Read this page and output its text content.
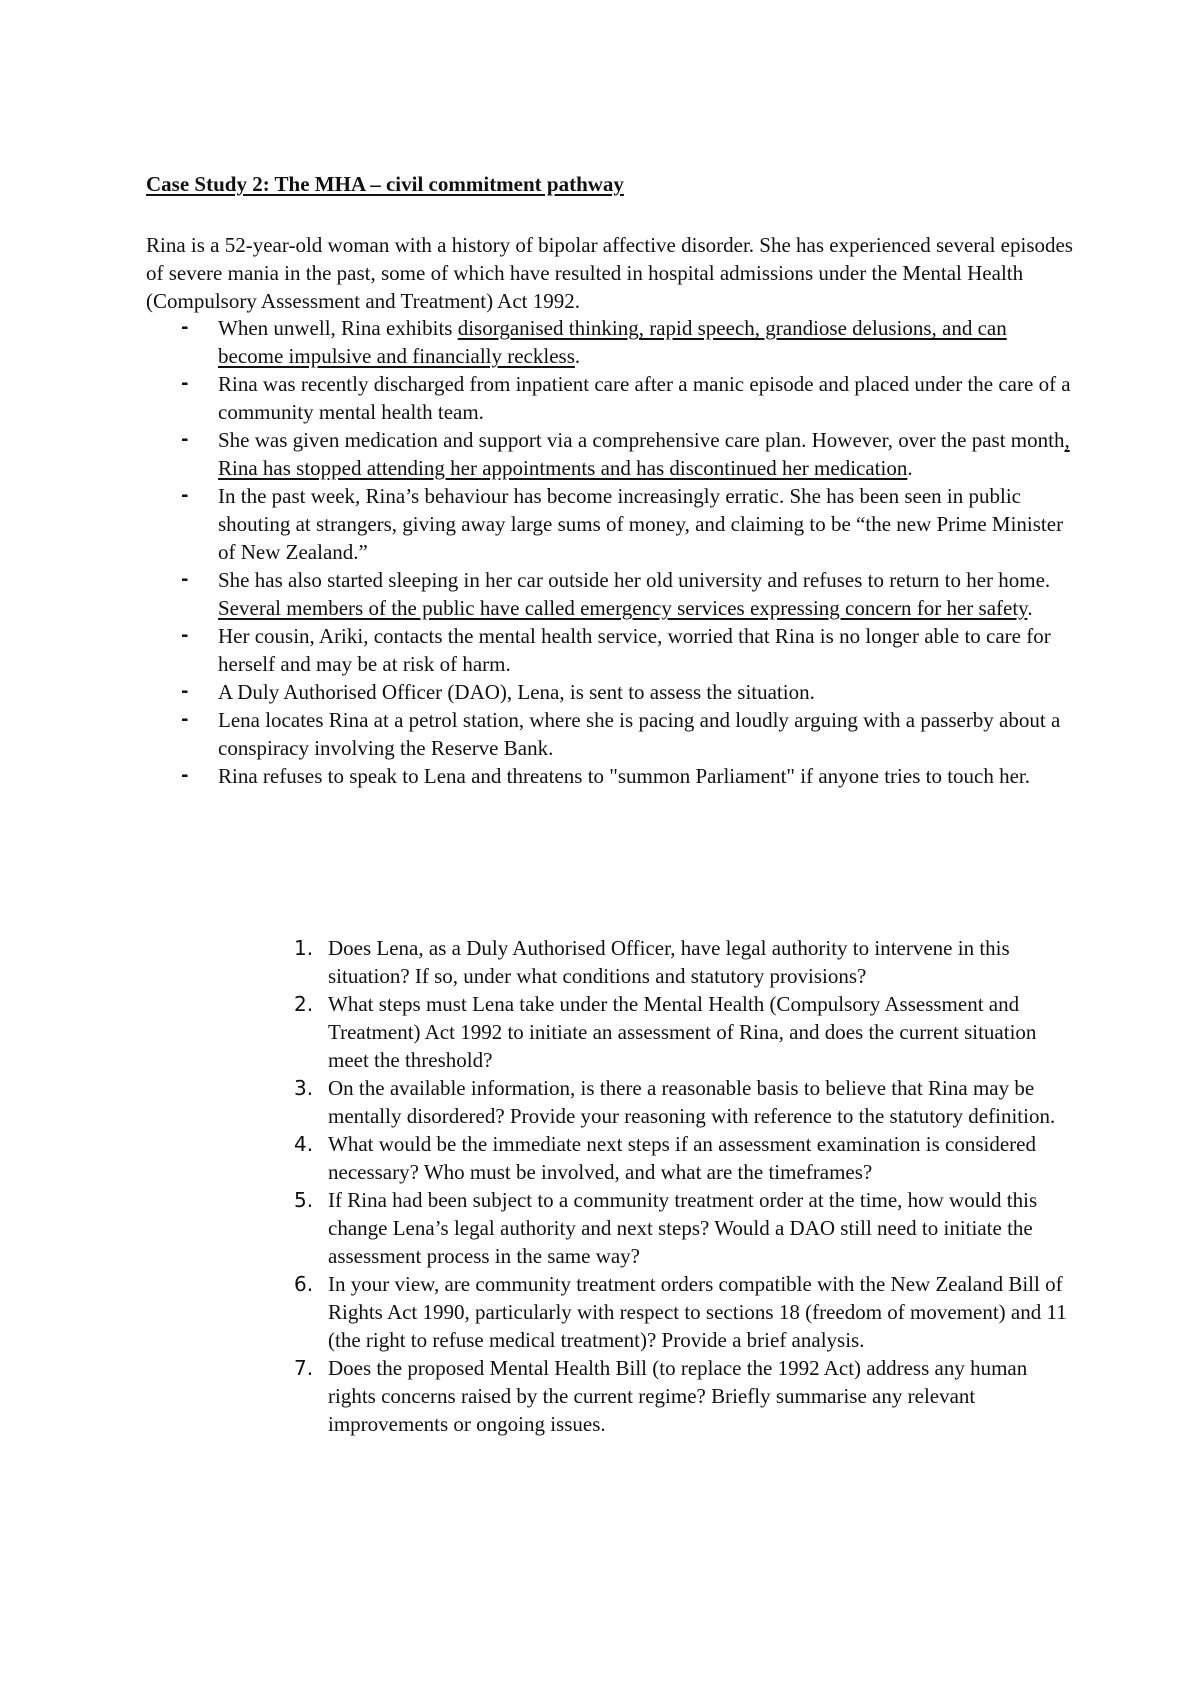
Case Study 2: The MHA – civil commitment pathway

Rina is a 52-year-old woman with a history of bipolar affective disorder. She has experienced several episodes of severe mania in the past, some of which have resulted in hospital admissions under the Mental Health (Compulsory Assessment and Treatment) Act 1992.

- When unwell, Rina exhibits disorganised thinking, rapid speech, grandiose delusions, and can become impulsive and financially reckless.
- Rina was recently discharged from inpatient care after a manic episode and placed under the care of a community mental health team.
- She was given medication and support via a comprehensive care plan. However, over the past month, Rina has stopped attending her appointments and has discontinued her medication.
- In the past week, Rina’s behaviour has become increasingly erratic. She has been seen in public shouting at strangers, giving away large sums of money, and claiming to be “the new Prime Minister of New Zealand.”
- She has also started sleeping in her car outside her old university and refuses to return to her home. Several members of the public have called emergency services expressing concern for her safety.
- Her cousin, Ariki, contacts the mental health service, worried that Rina is no longer able to care for herself and may be at risk of harm.
- A Duly Authorised Officer (DAO), Lena, is sent to assess the situation.
- Lena locates Rina at a petrol station, where she is pacing and loudly arguing with a passerby about a conspiracy involving the Reserve Bank.
- Rina refuses to speak to Lena and threatens to "summon Parliament" if anyone tries to touch her.
1. Does Lena, as a Duly Authorised Officer, have legal authority to intervene in this situation? If so, under what conditions and statutory provisions?
2. What steps must Lena take under the Mental Health (Compulsory Assessment and Treatment) Act 1992 to initiate an assessment of Rina, and does the current situation meet the threshold?
3. On the available information, is there a reasonable basis to believe that Rina may be mentally disordered? Provide your reasoning with reference to the statutory definition.
4. What would be the immediate next steps if an assessment examination is considered necessary? Who must be involved, and what are the timeframes?
5. If Rina had been subject to a community treatment order at the time, how would this change Lena’s legal authority and next steps? Would a DAO still need to initiate the assessment process in the same way?
6. In your view, are community treatment orders compatible with the New Zealand Bill of Rights Act 1990, particularly with respect to sections 18 (freedom of movement) and 11 (the right to refuse medical treatment)? Provide a brief analysis.
7. Does the proposed Mental Health Bill (to replace the 1992 Act) address any human rights concerns raised by the current regime? Briefly summarise any relevant improvements or ongoing issues.
